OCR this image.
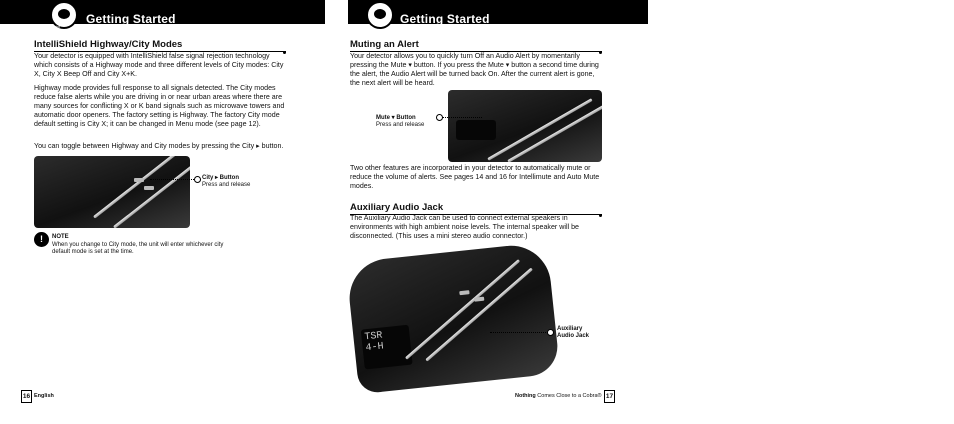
Your Detector
Getting Started
IntelliShield Highway/City Modes
Your detector is equipped with IntelliShield false signal rejection technology which consists of a Highway mode and three different levels of City modes: City X, City X Beep Off and City X+K.
Highway mode provides full response to all signals detected. The City modes reduce false alerts while you are driving in or near urban areas where there are many sources for conflicting X or K band signals such as microwave towers and automatic door openers. The factory setting is Highway. The factory City mode default setting is City X; it can be changed in Menu mode (see page 12).
You can toggle between Highway and City modes by pressing the City ▸ button.
City ▸ Button
Press and release
!	NOTE
When you change to City mode, the unit will enter whichever city default mode is set at the time.
16 English
Your Detector
Getting Started
Muting an Alert
Your detector allows you to quickly turn Off an Audio Alert by momentarily pressing the Mute ▾ button. If you press the Mute ▾ button a second time during the alert, the Audio Alert will be turned back On. After the current alert is gone, the next alert will be heard.
Mute ▾ Button
Press and release
Two other features are incorporated in your detector to automatically mute or reduce the volume of alerts. See pages 14 and 16 for Intellimute and Auto Mute modes.
Auxiliary Audio Jack
The Auxiliary Audio Jack can be used to connect external speakers in environments with high ambient noise levels. The internal speaker will be disconnected. (This uses a mini stereo audio connector.)
TSR
4-H
Auxiliary
Audio Jack
Nothing Comes Close to a Cobra® 17
